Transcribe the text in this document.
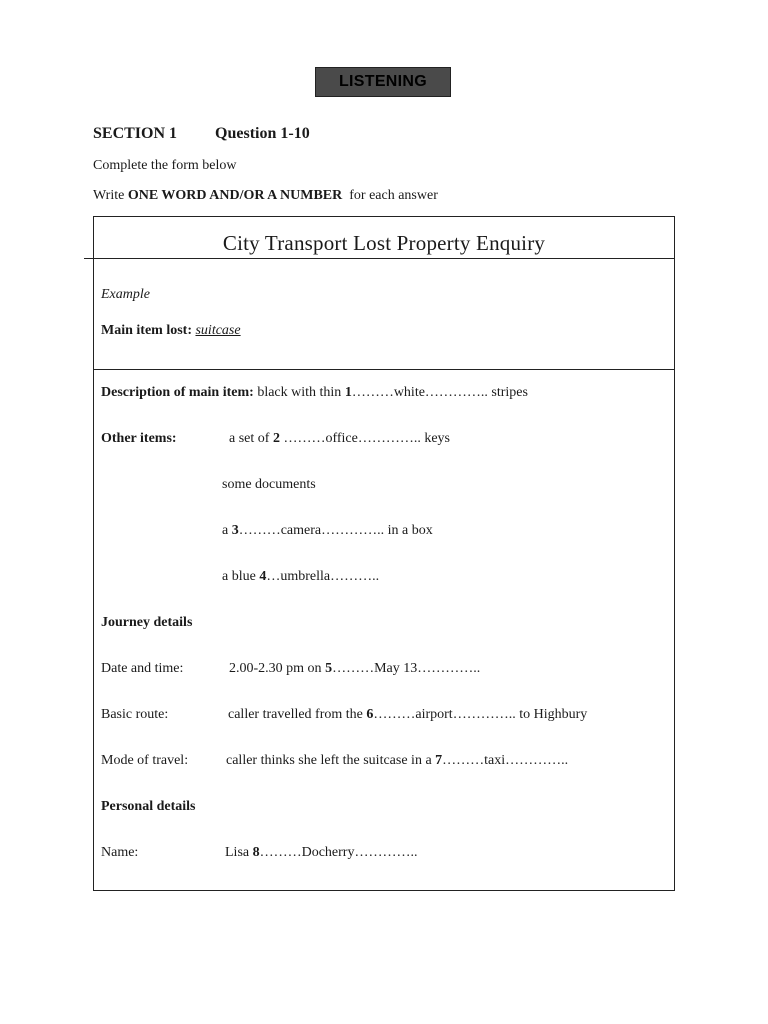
LISTENING
SECTION 1 Question 1-10
Complete the form below
Write ONE WORD AND/OR A NUMBER  for each answer
City Transport Lost Property Enquiry
Example
Main item lost: suitcase
Description of main item: black with thin 1………white………….. stripes
Other items:	a set of 2 ………office………….. keys
some documents
a 3………camera………….. in a box
a blue 4…umbrella………..
Journey details
Date and time:	2.00-2.30 pm on 5………May 13…………..
Basic route:	caller travelled from the 6………airport………….. to Highbury
Mode of travel:	caller thinks she left the suitcase in a 7………taxi…………..
Personal details
Name:	Lisa 8………Docherry…………..
